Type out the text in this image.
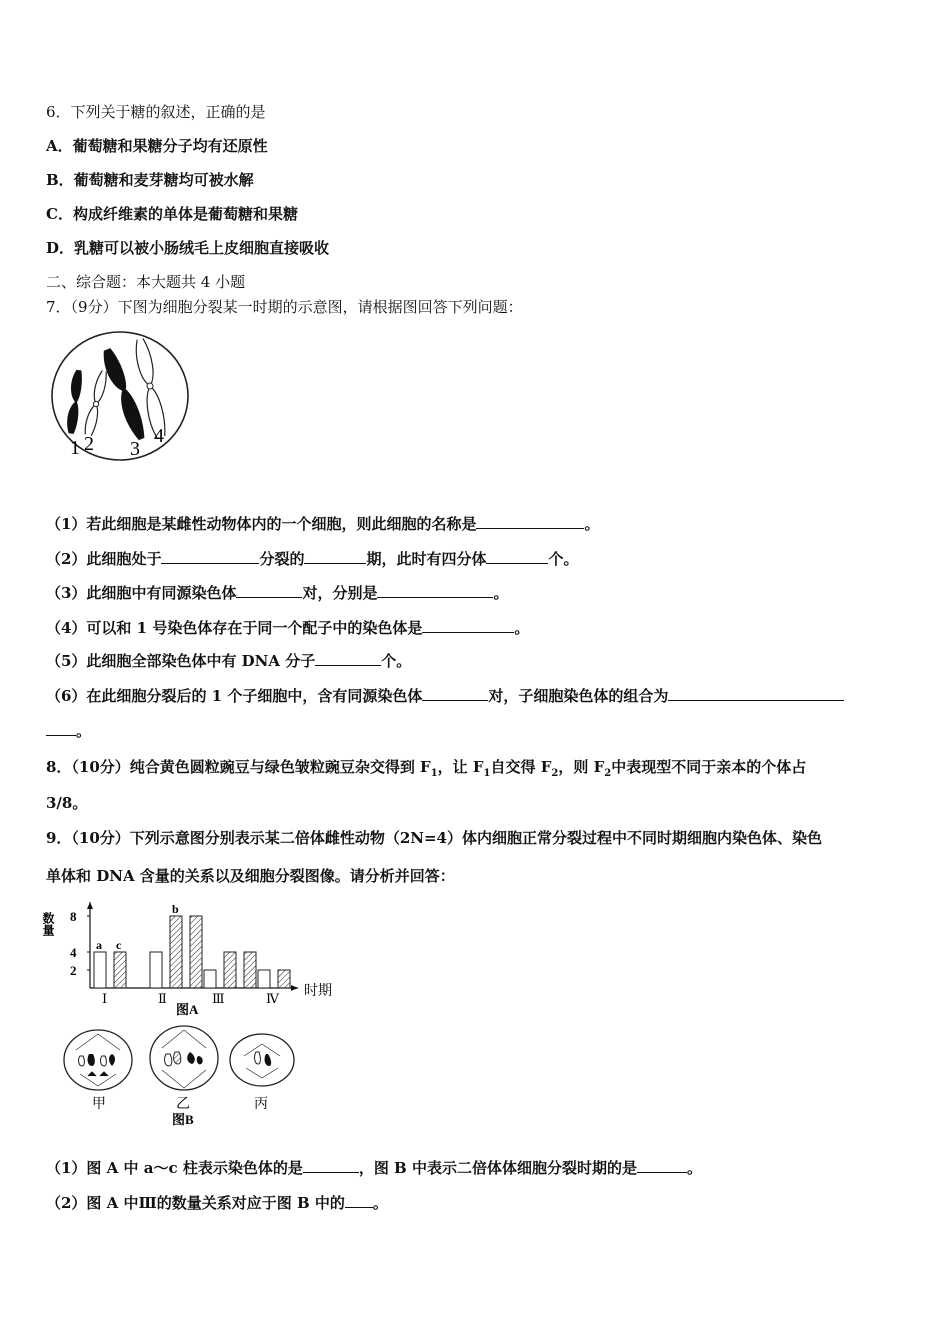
6．下列关于糖的叙述，正确的是
A．葡萄糖和果糖分子均有还原性
B．葡萄糖和麦芽糖均可被水解
C．构成纤维素的单体是葡萄糖和果糖
D．乳糖可以被小肠绒毛上皮细胞直接吸收
二、综合题：本大题共 4 小题
7．（9分）下图为细胞分裂某一时期的示意图，请根据图回答下列问题：
1 2 3
4
（1）若此细胞是某雌性动物体内的一个细胞，则此细胞的名称是	。
（2）此细胞处于	分裂的	期，此时有四分体	个。
（3）此细胞中有同源染色体	对，分别是	。
（4）可以和 1 号染色体存在于同一个配子中的染色体是	。
（5）此细胞全部染色体中有 DNA 分子	个。
（6）在此细胞分裂后的 1 个子细胞中，含有同源染色体	对，子细胞染色体的组合为
。
8．（10分）纯合黄色圆粒豌豆与绿色皱粒豌豆杂交得到 $F_1$，让 $F_1$自交得 $F_2$，则 $F_2$中表现型不同于亲本的个体占
3/8。
9．（10分）下列示意图分别表示某二倍体雌性动物（2N=4）体内细胞正常分裂过程中不同时期细胞内染色体、染色
单体和 DNA 含量的关系以及细胞分裂图像。请分析并回答：
数量
时期
图A
2
4
8
a c
Ⅰ
b
Ⅱ	Ⅲ	Ⅳ
甲	乙	丙
图B
（1）图 A 中 a～c 柱表示染色体的是	，图 B 中表示二倍体体细胞分裂时期的是	。
（2）图 A 中Ⅲ的数量关系对应于图 B 中的 。
